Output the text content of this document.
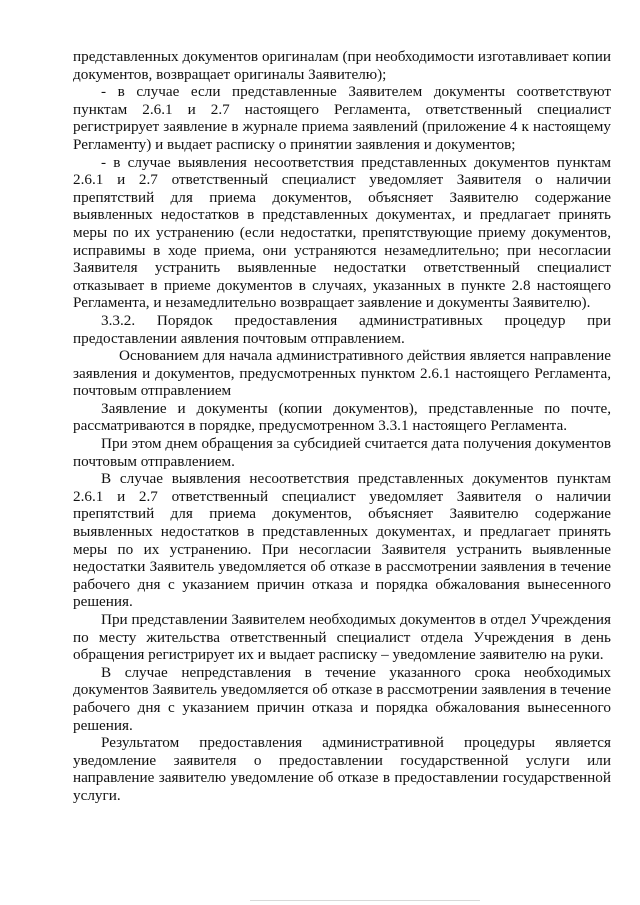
представленных документов оригиналам (при необходимости изготавливает копии документов, возвращает оригиналы Заявителю);

- в случае если представленные Заявителем документы соответствуют пунктам 2.6.1 и 2.7 настоящего Регламента, ответственный специалист регистрирует заявление в журнале приема заявлений (приложение 4 к настоящему Регламенту) и выдает расписку о принятии заявления и документов;

- в случае выявления несоответствия представленных документов пунктам 2.6.1 и 2.7 ответственный специалист уведомляет Заявителя о наличии препятствий для приема документов, объясняет Заявителю содержание выявленных недостатков в представленных документах, и предлагает принять меры по их устранению (если недостатки, препятствующие приему документов, исправимы в ходе приема, они устраняются незамедлительно; при несогласии Заявителя устранить выявленные недостатки ответственный специалист отказывает в приеме документов в случаях, указанных в пункте 2.8 настоящего Регламента, и незамедлительно возвращает заявление и документы Заявителю).

3.3.2. Порядок предоставления административных процедур при предоставлении аявления почтовым отправлением.

Основанием для начала административного действия является направление заявления и документов, предусмотренных пунктом 2.6.1 настоящего Регламента, почтовым отправлением

Заявление и документы (копии документов), представленные по почте, рассматриваются в порядке, предусмотренном 3.3.1 настоящего Регламента.

При этом днем обращения за субсидией считается дата получения документов почтовым отправлением.

В случае выявления несоответствия представленных документов пунктам 2.6.1 и 2.7 ответственный специалист уведомляет Заявителя о наличии препятствий для приема документов, объясняет Заявителю содержание выявленных недостатков в представленных документах, и предлагает принять меры по их устранению. При несогласии Заявителя устранить выявленные недостатки Заявитель уведомляется об отказе в рассмотрении заявления в течение рабочего дня с указанием причин отказа и порядка обжалования вынесенного решения.

При представлении Заявителем необходимых документов в отдел Учреждения по месту жительства ответственный специалист отдела Учреждения в день обращения регистрирует их и выдает расписку – уведомление заявителю на руки.

В случае непредставления в течение указанного срока необходимых документов Заявитель уведомляется об отказе в рассмотрении заявления в течение рабочего дня с указанием причин отказа и порядка обжалования вынесенного решения.

Результатом предоставления административной процедуры является уведомление заявителя о предоставлении государственной услуги или направление заявителю уведомление об отказе в предоставлении государственной услуги.
